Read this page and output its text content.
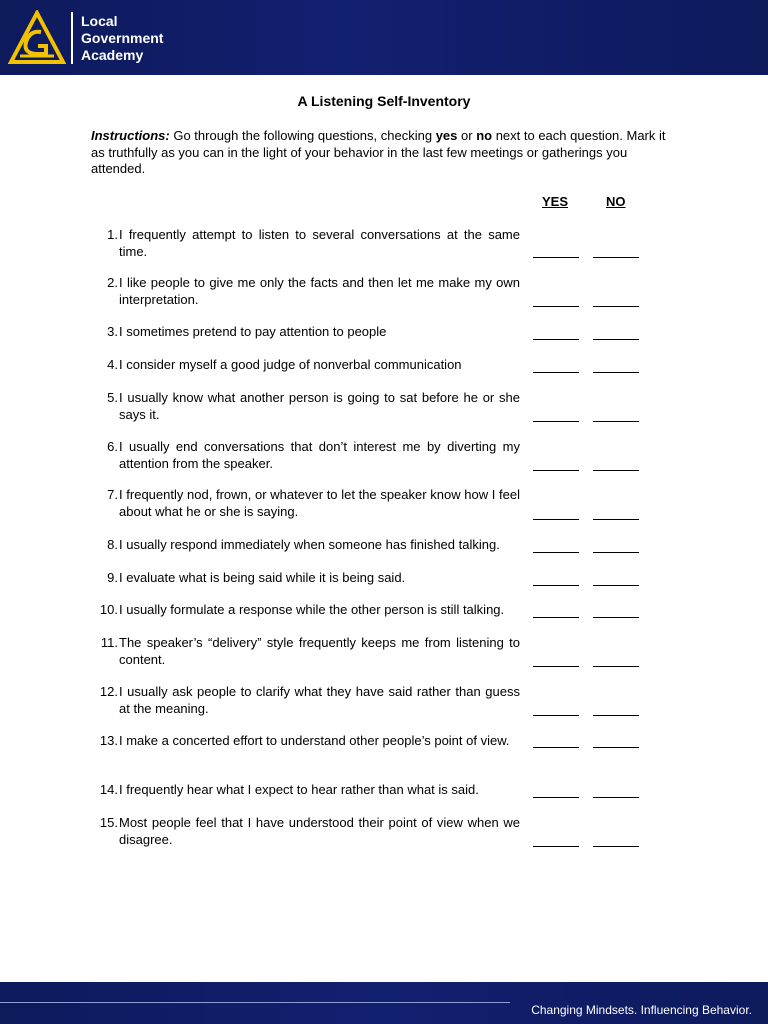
Local
Government
Academy
A Listening Self-Inventory
Instructions: Go through the following questions, checking yes or no next to each question. Mark it as truthfully as you can in the light of your behavior in the last few meetings or gatherings you attended.
YES	NO
1. I frequently attempt to listen to several conversations at the same time.
2. I like people to give me only the facts and then let me make my own interpretation.
3. I sometimes pretend to pay attention to people
4. I consider myself a good judge of nonverbal communication
5. I usually know what another person is going to sat before he or she says it.
6. I usually end conversations that don’t interest me by diverting my attention from the speaker.
7. I frequently nod, frown, or whatever to let the speaker know how I feel about what he or she is saying.
8. I usually respond immediately when someone has finished talking.
9. I evaluate what is being said while it is being said.
10. I usually formulate a response while the other person is still talking.
11. The speaker’s “delivery” style frequently keeps me from listening to content.
12. I usually ask people to clarify what they have said rather than guess at the meaning.
13. I make a concerted effort to understand other people’s point of view.
14. I frequently hear what I expect to hear rather than what is said.
15. Most people feel that I have understood their point of view when we disagree.
Changing Mindsets. Influencing Behavior.
